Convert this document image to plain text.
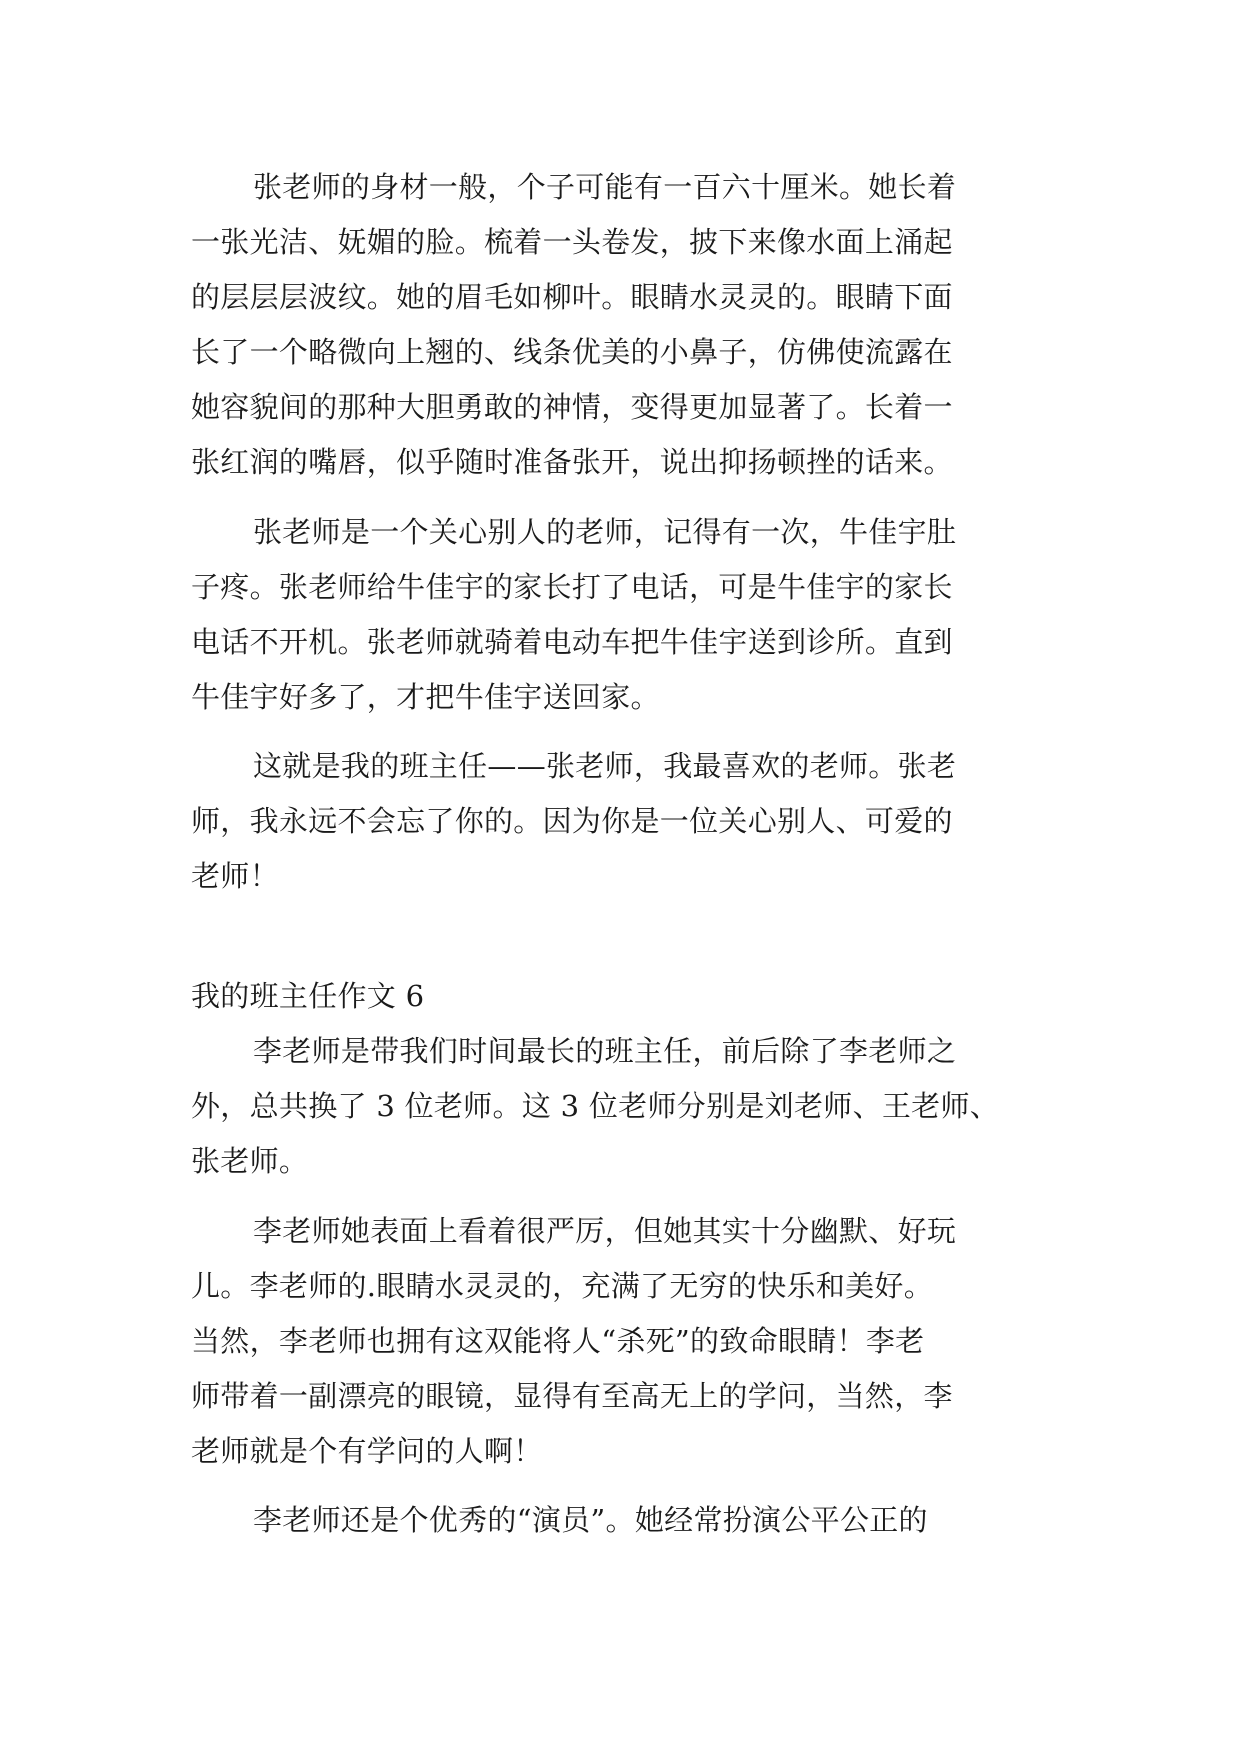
张老师的身材一般，个子可能有一百六十厘米。她长着
一张光洁、妩媚的脸。梳着一头卷发，披下来像水面上涌起
的层层层波纹。她的眉毛如柳叶。眼睛水灵灵的。眼睛下面
长了一个略微向上翘的、线条优美的小鼻子，仿佛使流露在
她容貌间的那种大胆勇敢的神情，变得更加显著了。长着一
张红润的嘴唇，似乎随时准备张开，说出抑扬顿挫的话来。
张老师是一个关心别人的老师，记得有一次，牛佳宇肚
子疼。张老师给牛佳宇的家长打了电话，可是牛佳宇的家长
电话不开机。张老师就骑着电动车把牛佳宇送到诊所。直到
牛佳宇好多了，才把牛佳宇送回家。
这就是我的班主任——张老师，我最喜欢的老师。张老
师，我永远不会忘了你的。因为你是一位关心别人、可爱的
老师！
我的班主任作文 6
李老师是带我们时间最长的班主任，前后除了李老师之
外，总共换了 3 位老师。这 3 位老师分别是刘老师、王老师、
张老师。
李老师她表面上看着很严厉，但她其实十分幽默、好玩
儿。李老师的.眼睛水灵灵的，充满了无穷的快乐和美好。
当然，李老师也拥有这双能将人“杀死”的致命眼睛！李老
师带着一副漂亮的眼镜，显得有至高无上的学问，当然，李
老师就是个有学问的人啊！
李老师还是个优秀的“演员”。她经常扮演公平公正的
